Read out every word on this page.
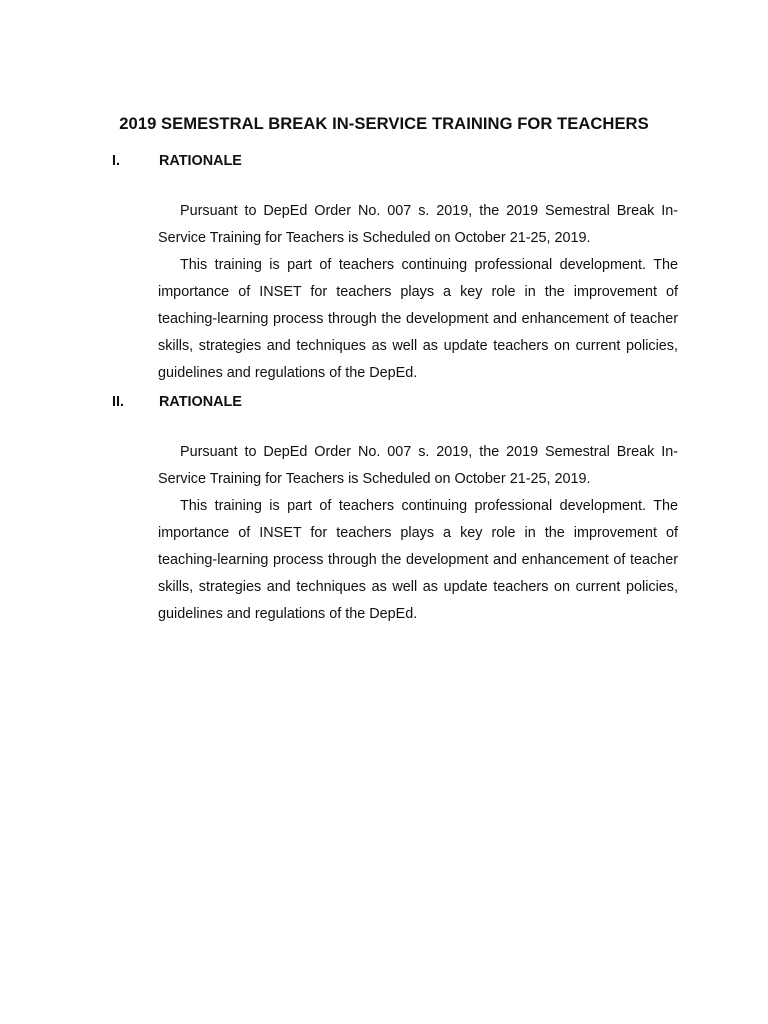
2019 SEMESTRAL BREAK IN-SERVICE TRAINING FOR TEACHERS
I.	RATIONALE

Pursuant to DepEd Order No. 007 s. 2019, the 2019 Semestral Break In-Service Training for Teachers is Scheduled on October 21-25, 2019.

This training is part of teachers continuing professional development. The importance of INSET for teachers plays a key role in the improvement of teaching-learning process through the development and enhancement of teacher skills, strategies and techniques as well as update teachers on current policies, guidelines and regulations of the DepEd.

II. RATIONALE

Pursuant to DepEd Order No. 007 s. 2019, the 2019 Semestral Break In-Service Training for Teachers is Scheduled on October 21-25, 2019.

This training is part of teachers continuing professional development. The importance of INSET for teachers plays a key role in the improvement of teaching-learning process through the development and enhancement of teacher skills, strategies and techniques as well as update teachers on current policies, guidelines and regulations of the DepEd.
